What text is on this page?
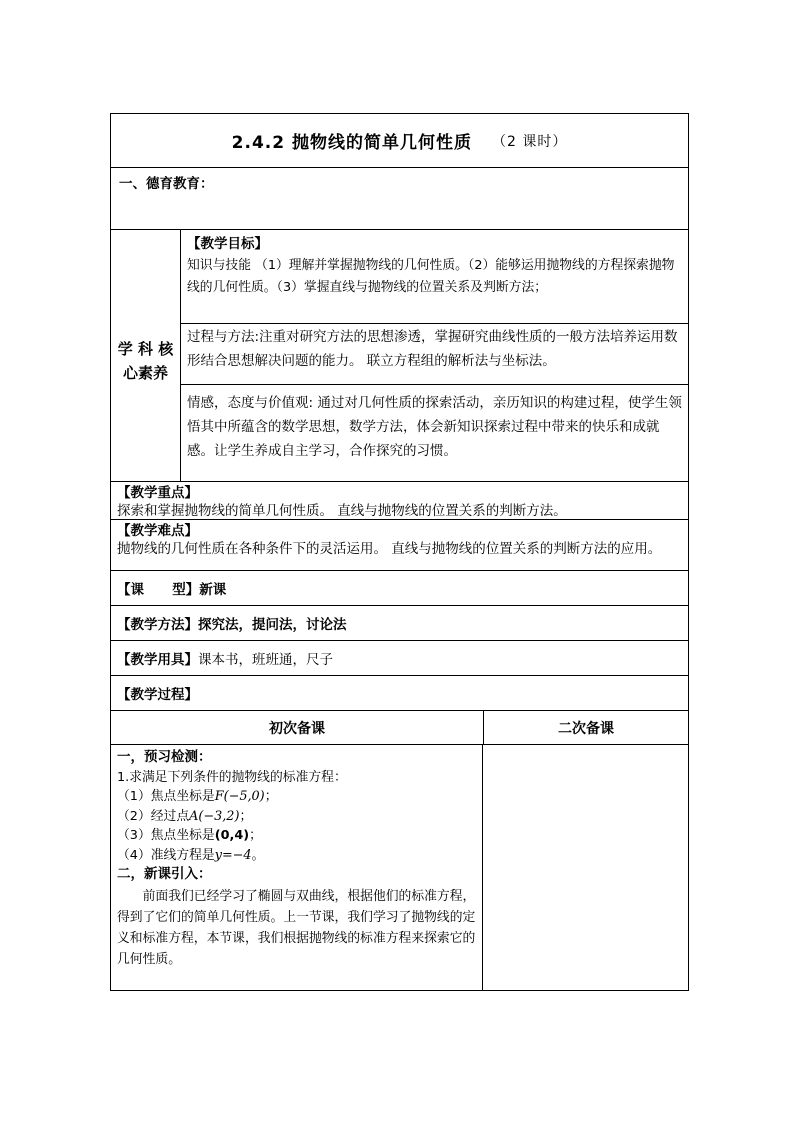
2.4.2 抛物线的简单几何性质 （2 课时）
一、德育教育：
学 科 核
心素养
【教学目标】
知识与技能 （1）理解并掌握抛物线的几何性质。（2）能够运用抛物线的方程探索抛物线的几何性质。（3）掌握直线与抛物线的位置关系及判断方法；
过程与方法:注重对研究方法的思想渗透，掌握研究曲线性质的一般方法培养运用数形结合思想解决问题的能力。 联立方程组的解析法与坐标法。
情感，态度与价值观: 通过对几何性质的探索活动，亲历知识的构建过程，使学生领悟其中所蕴含的数学思想，数学方法，体会新知识探索过程中带来的快乐和成就感。让学生养成自主学习，合作探究的习惯。
【教学重点】
探索和掌握抛物线的简单几何性质。 直线与抛物线的位置关系的判断方法。
【教学难点】
抛物线的几何性质在各种条件下的灵活运用。 直线与抛物线的位置关系的判断方法的应用。
【课      型】 新课
【教学方法】 探究法，提问法，讨论法
【教学用具】 课本书，班班通，尺子
【教学过程】
初次备课	二次备课
一，预习检测：
1.求满足下列条件的抛物线的标准方程：
（1）焦点坐标是F(−5,0)；
（2）经过点A(−3,2)；
（3）焦点坐标是(0,4)；
（4）准线方程是y=−4。
二，新课引入：
前面我们已经学习了椭圆与双曲线，根据他们的标准方程，得到了它们的简单几何性质。上一节课，我们学习了抛物线的定义和标准方程，本节课，我们根据抛物线的标准方程来探索它的几何性质。
